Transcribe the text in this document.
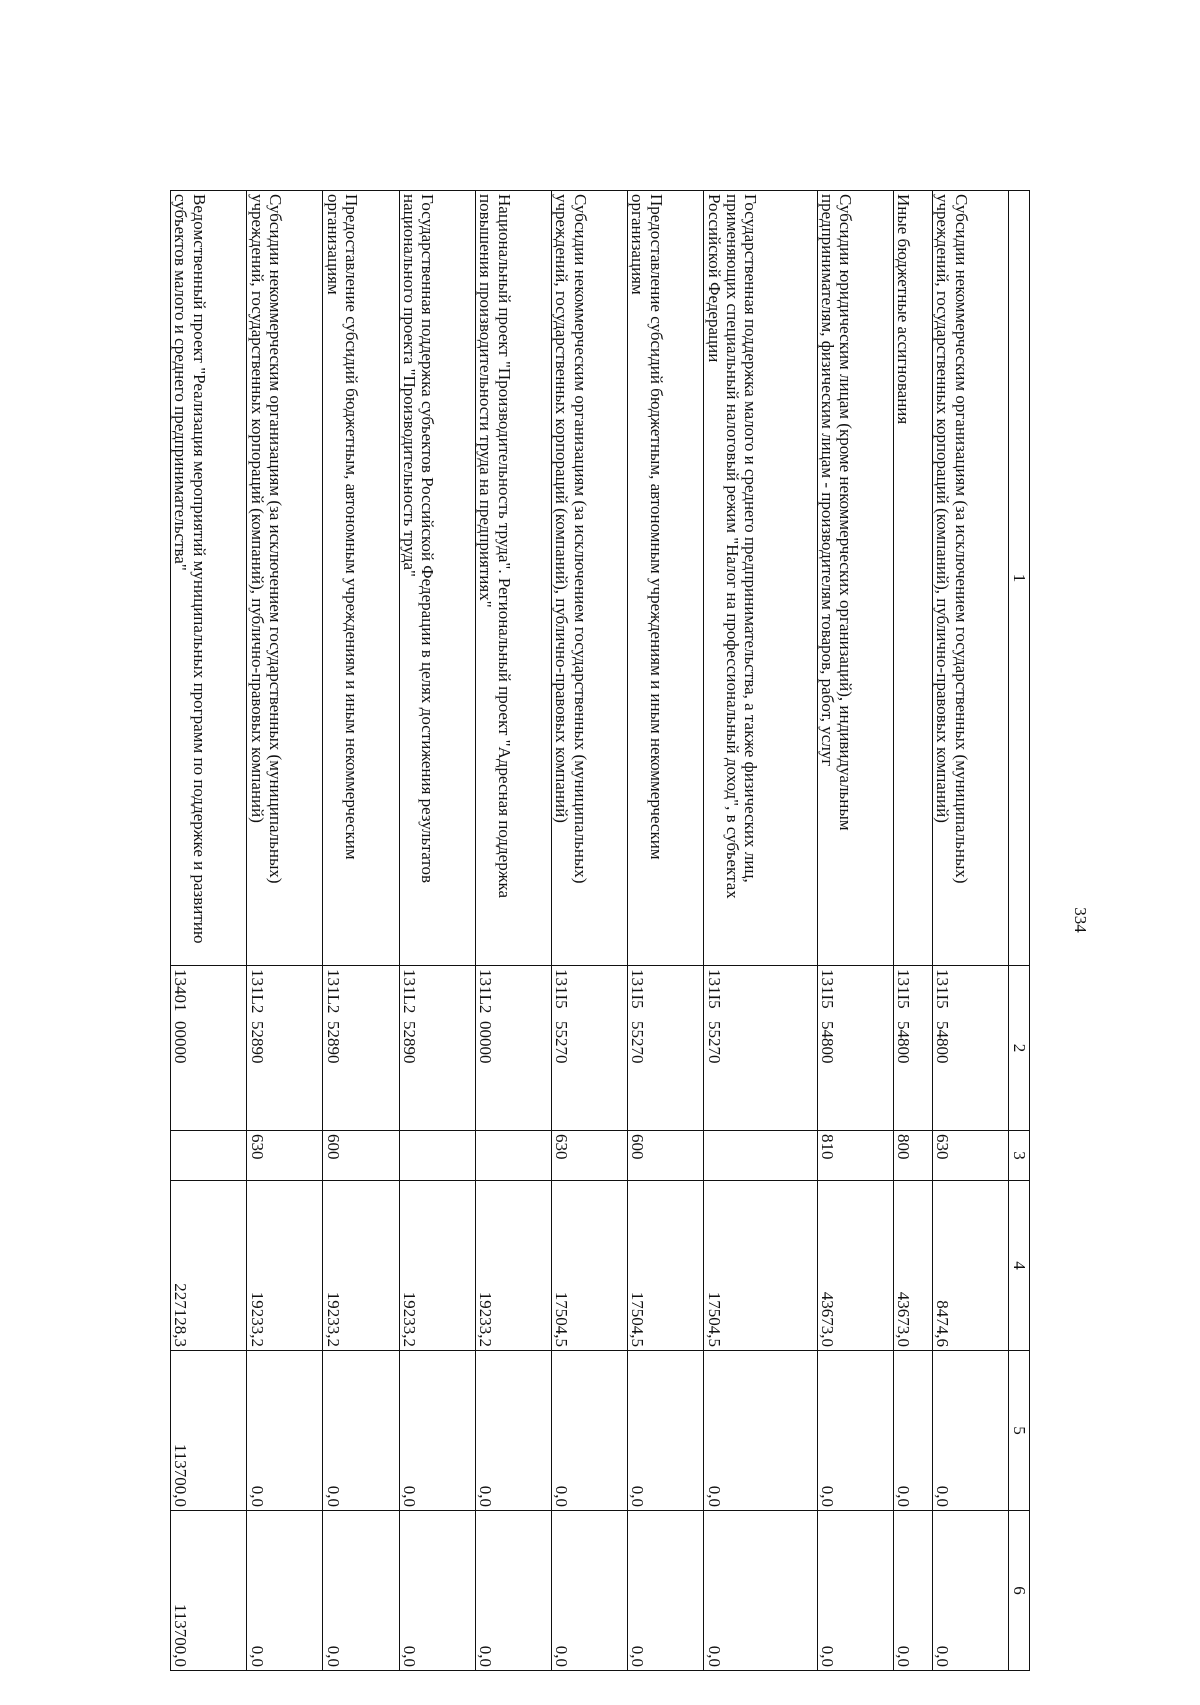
334
1	2	3	4	5	6
Субсидии некоммерческим организациям (за исключением государственных (муниципальных) учреждений, государственных корпораций (компаний), публично-правовых компаний)	131I554800	630	8474,6	0,0	0,0
Иные бюджетные ассигнования	131I554800	800	43673,0	0,0	0,0
Субсидии юридическим лицам (кроме некоммерческих организаций), индивидуальным предпринимателям, физическим лицам - производителям товаров, работ, услуг	131I554800	810	43673,0	0,0	0,0
Государственная поддержка малого и среднего предпринимательства, а также физических лиц, применяющих специальный налоговый режим "Налог на профессиональный доход", в субъектах Российской Федерации	131I555270		17504,5	0,0	0,0
Предоставление субсидий бюджетным, автономным учреждениям и иным некоммерческим организациям	131I555270	600	17504,5	0,0	0,0
Субсидии некоммерческим организациям (за исключением государственных (муниципальных) учреждений, государственных корпораций (компаний), публично-правовых компаний)	131I555270	630	17504,5	0,0	0,0
Национальный проект "Производительность труда". Региональный проект "Адресная поддержка повышения производительности труда на предприятиях"	131L200000		19233,2	0,0	0,0
Государственная поддержка субъектов Российской Федерации в целях достижения результатов национального проекта "Производительность труда"	131L252890		19233,2	0,0	0,0
Предоставление субсидий бюджетным, автономным учреждениям и иным некоммерческим организациям	131L252890	600	19233,2	0,0	0,0
Субсидии некоммерческим организациям (за исключением государственных (муниципальных) учреждений, государственных корпораций (компаний), публично-правовых компаний)	131L252890	630	19233,2	0,0	0,0
Ведомственный проект "Реализация мероприятий муниципальных программ по поддержке и развитию субъектов малого и среднего предпринимательства"	1340100000		227128,3	113700,0	113700,0
